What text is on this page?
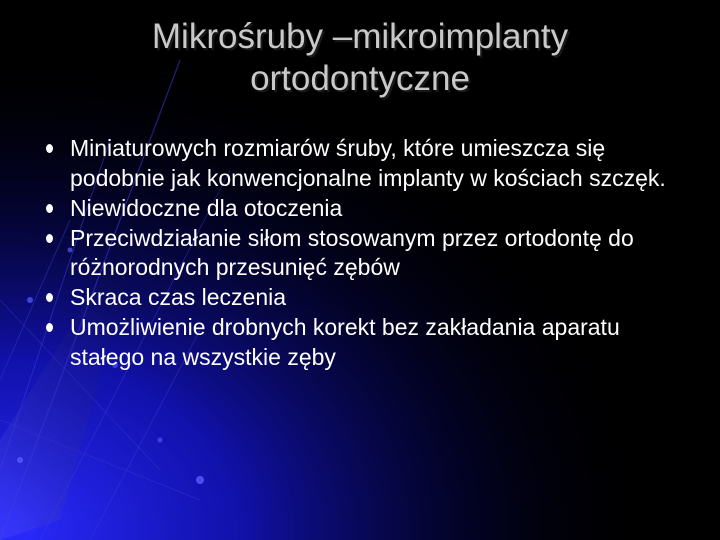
Mikrośruby –mikroimplanty
ortodontyczne
Miniaturowych rozmiarów śruby, które umieszcza się podobnie jak konwencjonalne implanty w kościach szczęk.
Niewidoczne dla otoczenia
Przeciwdziałanie siłom stosowanym przez ortodontę do różnorodnych przesunięć zębów
Skraca czas leczenia
Umożliwienie drobnych korekt bez zakładania aparatu stałego na wszystkie zęby
